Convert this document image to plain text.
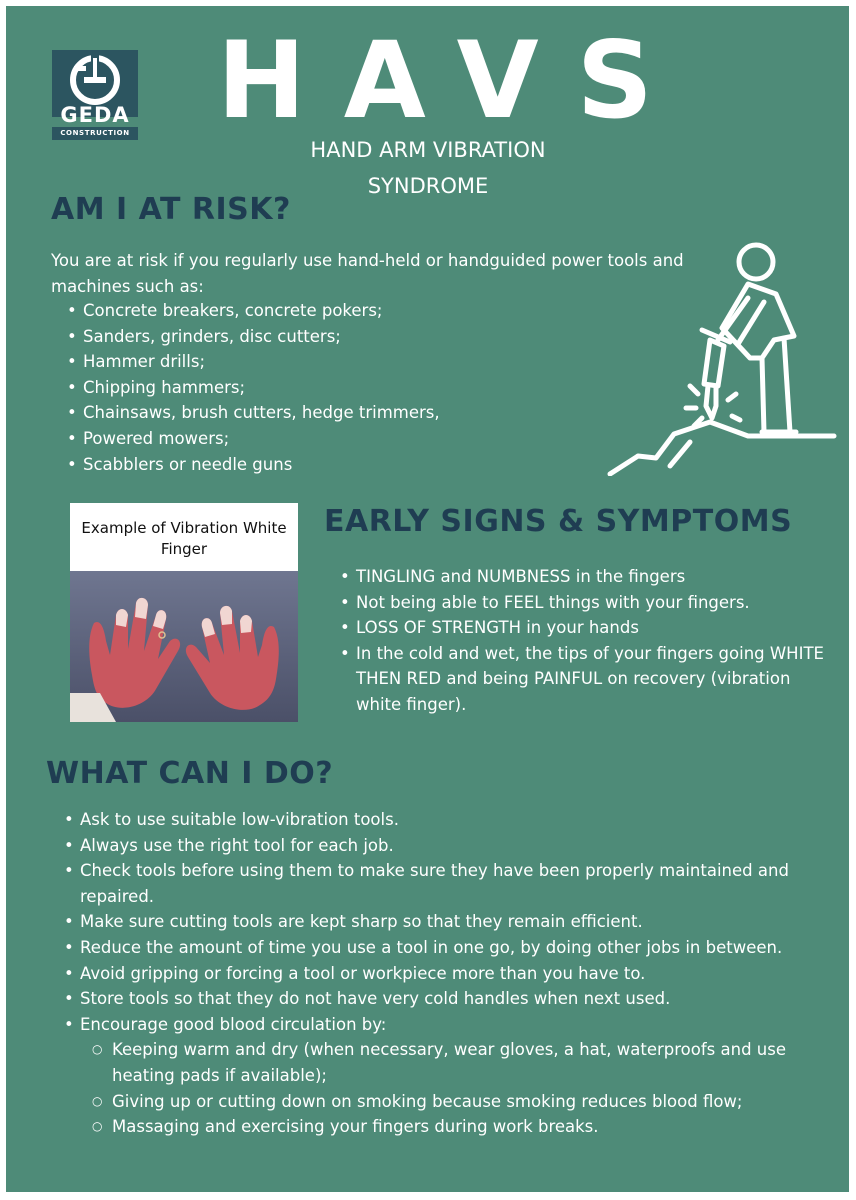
GEDA
CONSTRUCTION HAVS
HAND ARM VIBRATION
SYNDROME
AM I AT RISK?
You are at risk if you regularly use hand-held or handguided power tools and machines such as:
• Concrete breakers, concrete pokers;
• Sanders, grinders, disc cutters;
• Hammer drills;
• Chipping hammers;
• Chainsaws, brush cutters, hedge trimmers,
• Powered mowers;
• Scabblers or needle guns
Example of Vibration White Finger
EARLY SIGNS & SYMPTOMS
• TINGLING and NUMBNESS in the fingers
• Not being able to FEEL things with your fingers.
• LOSS OF STRENGTH in your hands
• In the cold and wet, the tips of your fingers going WHITE THEN RED and being PAINFUL on recovery (vibration white finger).
WHAT CAN I DO?
• Ask to use suitable low-vibration tools.
• Always use the right tool for each job.
• Check tools before using them to make sure they have been properly maintained and repaired.
• Make sure cutting tools are kept sharp so that they remain efficient.
• Reduce the amount of time you use a tool in one go, by doing other jobs in between.
• Avoid gripping or forcing a tool or workpiece more than you have to.
• Store tools so that they do not have very cold handles when next used.
• Encourage good blood circulation by:
○ Keeping warm and dry (when necessary, wear gloves, a hat, waterproofs and use heating pads if available);
○ Giving up or cutting down on smoking because smoking reduces blood flow;
○ Massaging and exercising your fingers during work breaks.
